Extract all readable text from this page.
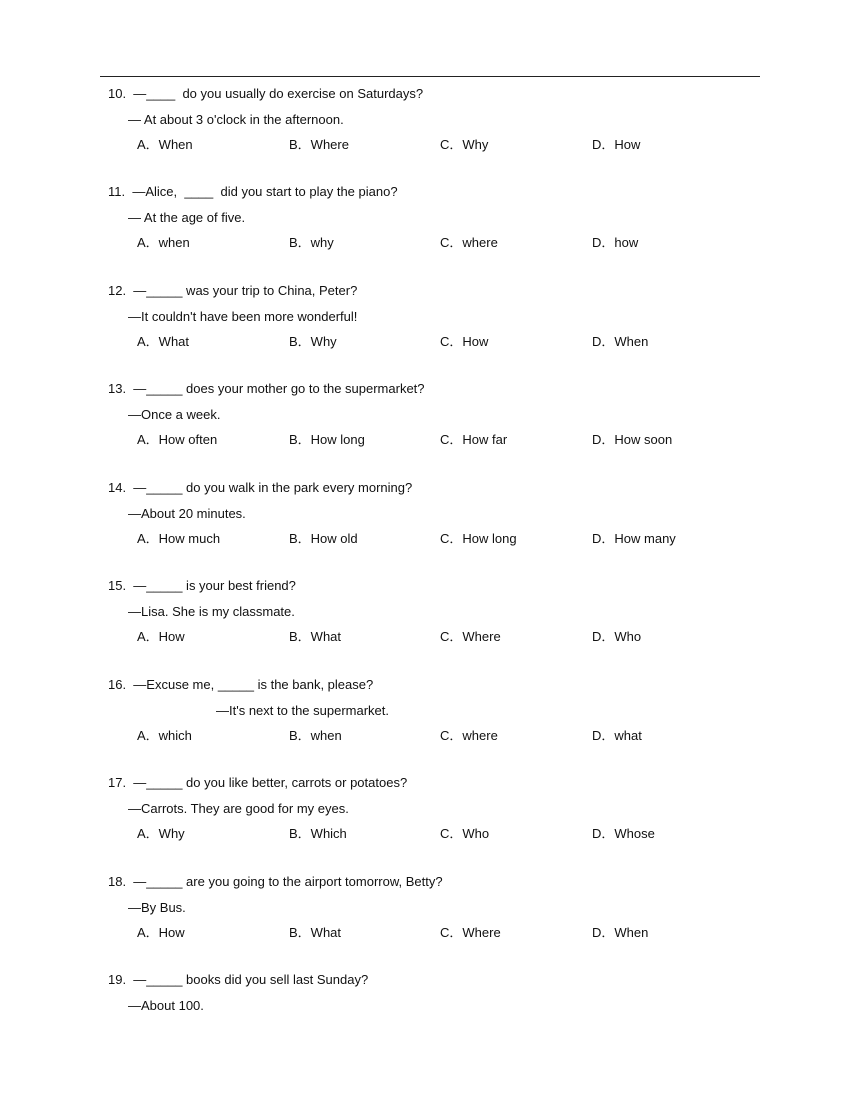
10.  —____  do you usually do exercise on Saturdays?
— At about 3 o'clock in the afternoon.
A．When	B．Where	C．Why	D．How
11.  —Alice,  ____  did you start to play the piano?
— At the age of five.
A．when	B．why	C．where	D．how
12.  —_____ was your trip to China, Peter?
—It couldn't have been more wonderful!
A．What	B．Why	C．How	D．When
13.  —_____ does your mother go to the supermarket?
—Once a week.
A．How often	B．How long	C．How far	D．How soon
14.  —_____ do you walk in the park every morning?
—About 20 minutes.
A．How much	B．How old	C．How long	D．How many
15.  —_____ is your best friend?
—Lisa. She is my classmate.
A．How	B．What	C．Where	D．Who
16.  —Excuse me, _____ is the bank, please?
—It's next to the supermarket.
A．which	B．when	C．where	D．what
17.  —_____ do you like better, carrots or potatoes?
—Carrots. They are good for my eyes.
A．Why	B．Which	C．Who	D．Whose
18.  —_____ are you going to the airport tomorrow, Betty?
—By Bus.
A．How	B．What	C．Where	D．When
19.  —_____ books did you sell last Sunday?
—About 100.
